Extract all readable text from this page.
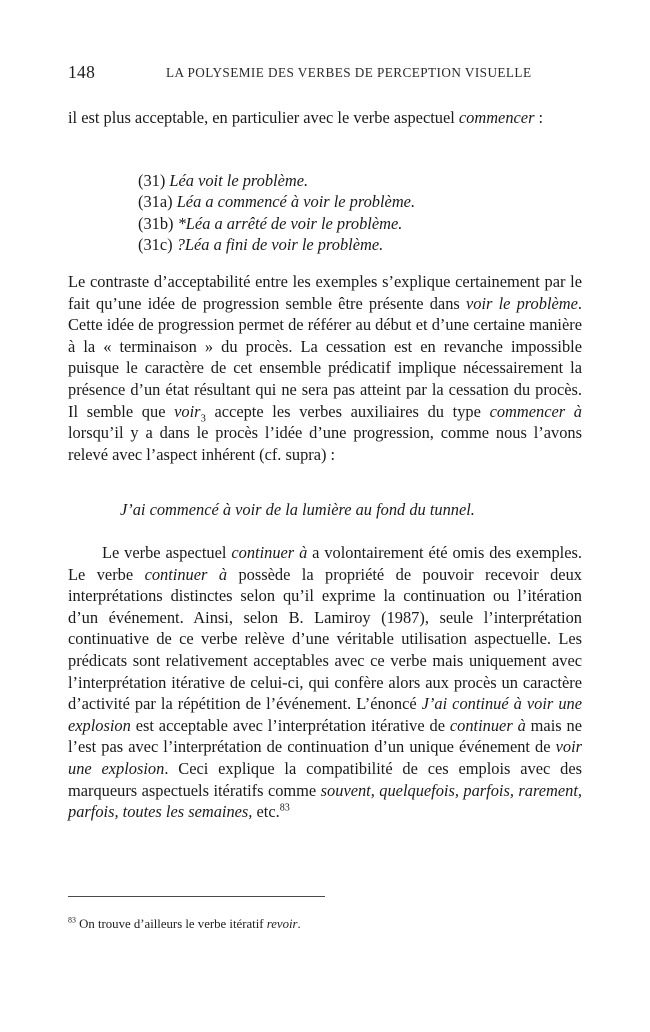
148	LA POLYSEMIE DES VERBES DE PERCEPTION VISUELLE
il est plus acceptable, en particulier avec le verbe aspectuel commencer :
(31) Léa voit le problème.
(31a) Léa a commencé à voir le problème.
(31b) *Léa a arrêté de voir le problème.
(31c) ?Léa a fini de voir le problème.
Le contraste d’acceptabilité entre les exemples s’explique certainement par le fait qu’une idée de progression semble être présente dans voir le problème. Cette idée de progression permet de référer au début et d’une certaine manière à la « terminaison » du procès. La cessation est en revanche impossible puisque le caractère de cet ensemble prédicatif implique nécessairement la présence d’un état résultant qui ne sera pas atteint par la cessation du procès. Il semble que voir$_3$ accepte les verbes auxiliaires du type commencer à lorsqu’il y a dans le procès l’idée d’une progression, comme nous l’avons relevé avec l’aspect inhérent (cf. supra) :
J’ai commencé à voir de la lumière au fond du tunnel.
Le verbe aspectuel continuer à a volontairement été omis des exemples. Le verbe continuer à possède la propriété de pouvoir recevoir deux interprétations distinctes selon qu’il exprime la continuation ou l’itération d’un événement. Ainsi, selon B. Lamiroy (1987), seule l’interprétation continuative de ce verbe relève d’une véritable utilisation aspectuelle. Les prédicats sont relativement acceptables avec ce verbe mais uniquement avec l’interprétation itérative de celui-ci, qui confère alors aux procès un caractère d’activité par la répétition de l’événement. L’énoncé J’ai continué à voir une explosion est acceptable avec l’interprétation itérative de continuer à mais ne l’est pas avec l’interprétation de continuation d’un unique événement de voir une explosion. Ceci explique la compatibilité de ces emplois avec des marqueurs aspectuels itératifs comme souvent, quelquefois, parfois, rarement, parfois, toutes les semaines, etc.$^{83}$
$^{83}$ On trouve d’ailleurs le verbe itératif revoir.
